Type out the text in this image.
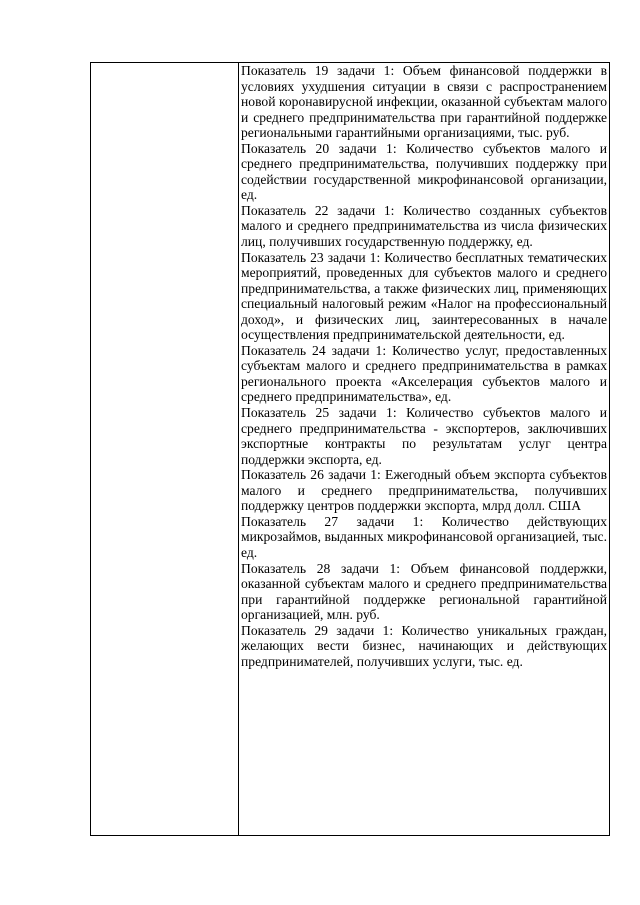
Показатель 19 задачи 1: Объем финансовой поддержки в условиях ухудшения ситуации в связи с распространением новой коронавирусной инфекции, оказанной субъектам малого и среднего предпринимательства при гарантийной поддержке региональными гарантийными организациями, тыс. руб.

Показатель 20 задачи 1: Количество субъектов малого и среднего предпринимательства, получивших поддержку при содействии государственной микрофинансовой организации, ед.

Показатель 22 задачи 1: Количество созданных субъектов малого и среднего предпринимательства из числа физических лиц, получивших государственную поддержку, ед.

Показатель 23 задачи 1: Количество бесплатных тематических мероприятий, проведенных для субъектов малого и среднего предпринимательства, а также физических лиц, применяющих специальный налоговый режим «Налог на профессиональный доход», и физических лиц, заинтересованных в начале осуществления предпринимательской деятельности, ед.

Показатель 24 задачи 1: Количество услуг, предоставленных субъектам малого и среднего предпринимательства в рамках регионального проекта «Акселерация субъектов малого и среднего предпринимательства», ед.

Показатель 25 задачи 1: Количество субъектов малого и среднего предпринимательства - экспортеров, заключивших экспортные контракты по результатам услуг центра поддержки экспорта, ед.

Показатель 26 задачи 1: Ежегодный объем экспорта субъектов малого и среднего предпринимательства, получивших поддержку центров поддержки экспорта, млрд долл. США

Показатель 27 задачи 1: Количество действующих микрозаймов, выданных микрофинансовой организацией, тыс. ед.

Показатель 28 задачи 1: Объем финансовой поддержки, оказанной субъектам малого и среднего предпринимательства при гарантийной поддержке региональной гарантийной организацией, млн. руб.

Показатель 29 задачи 1: Количество уникальных граждан, желающих вести бизнес, начинающих и действующих предпринимателей, получивших услуги, тыс. ед.
